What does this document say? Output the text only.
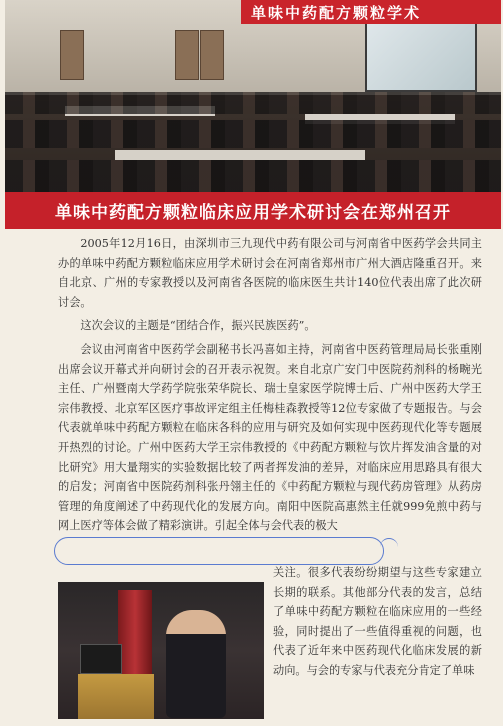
单味中药配方颗粒学术
单味中药配方颗粒临床应用学术研讨会在郑州召开

2005年12月16日，由深圳市三九现代中药有限公司与河南省中医药学会共同主办的单味中药配方颗粒临床应用学术研讨会在河南省郑州市广州大酒店隆重召开。来自北京、广州的专家教授以及河南省各医院的临床医生共计140位代表出席了此次研讨会。

这次会议的主题是“团结合作，振兴民族医药”。

会议由河南省中医药学会副秘书长冯喜如主持，河南省中医药管理局局长张重刚出席会议开幕式并向研讨会的召开表示祝贺。来自北京广安门中医院药剂科的杨畹光主任、广州暨南大学药学院张荣华院长、瑞士皇家医学院博士后、广州中医药大学王宗伟教授、北京军区医疗事故评定组主任梅桂森教授等12位专家做了专题报告。与会代表就单味中药配方颗粒在临床各科的应用与研究及如何实现中医药现代化等专题展开热烈的讨论。广州中医药大学王宗伟教授的《中药配方颗粒与饮片挥发油含量的对比研究》用大量翔实的实验数据比较了两者挥发油的差异，对临床应用思路具有很大的启发；河南省中医院药剂科张丹翎主任的《中药配方颗粒与现代药房管理》从药房管理的角度阐述了中药现代化的发展方向。南阳中医院高惠然主任就999免煎中药与网上医疗等体会做了精彩演讲。引起全体与会代表的极大

关注。很多代表纷纷期望与这些专家建立长期的联系。其他部分代表的发言，总结了单味中药配方颗粒在临床应用的一些经验，同时提出了一些值得重视的问题，也代表了近年来中医药现代化临床发展的新动向。与会的专家与代表充分肯定了单味
